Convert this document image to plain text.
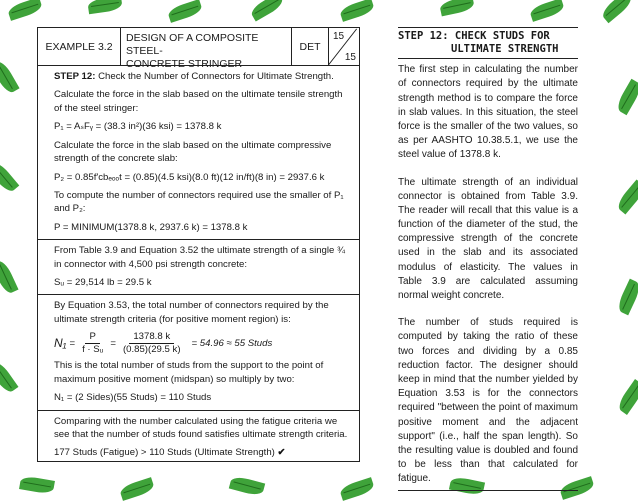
EXAMPLE 3.2
DESIGN OF A COMPOSITE STEEL-
CONCRETE STRINGER
DET
15
15

STEP 12: Check the Number of Connectors for Ultimate Strength.

Calculate the force in the slab based on the ultimate tensile strength of the steel stringer:

P₁ = AₛFᵧ = (38.3 in²)(36 ksi) = 1378.8 k

Calculate the force in the slab based on the ultimate compressive strength of the concrete slab:

P₂ = 0.85f′cbₑₒₒt = (0.85)(4.5 ksi)(8.0 ft)(12 in/ft)(8 in) = 2937.6 k

To compute the number of connectors required use the smaller of P₁ and P₂:

P = MINIMUM(1378.8 k, 2937.6 k) = 1378.8 k

From Table 3.9 and Equation 3.52 the ultimate strength of a single ¾ in connector with 4,500 psi strength concrete:

Sᵤ = 29,514 lb = 29.5 k

By Equation 3.53, the total number of connectors required by the ultimate strength criteria (for positive moment region) is:

$N_1 = \frac{P}{\text{f · Sᵤ}} = \frac{1378.8 k}{(0.85)(29.5 k)} = 54.96 \approx 55$ Studs

This is the total number of studs from the support to the point of maximum positive moment (midspan) so multiply by two:

N₁ = (2 Sides)(55 Studs) = 110 Studs

Comparing with the number calculated using the fatigue criteria we see that the number of studs found satisfies ultimate strength criteria.

177 Studs (Fatigue) > 110 Studs (Ultimate Strength) ✔

STEP 12: CHECK STUDS FOR
ULTIMATE STRENGTH

The first step in calculating the number of connectors required by the ultimate strength method is to compare the force in slab values. In this situation, the steel force is the smaller of the two values, so as per AASHTO 10.38.5.1, we use the steel value of 1378.8 k.

The ultimate strength of an individual connector is obtained from Table 3.9. The reader will recall that this value is a function of the diameter of the stud, the compressive strength of the concrete used in the slab and its associated modulus of elasticity. The values in Table 3.9 are calculated assuming normal weight concrete.

The number of studs required is computed by taking the ratio of these two forces and dividing by a 0.85 reduction factor. The designer should keep in mind that the number yielded by Equation 3.53 is for the connectors required "between the point of maximum positive moment and the adjacent support" (i.e., half the span length). So the resulting value is doubled and found to be less than that calculated for fatigue.
